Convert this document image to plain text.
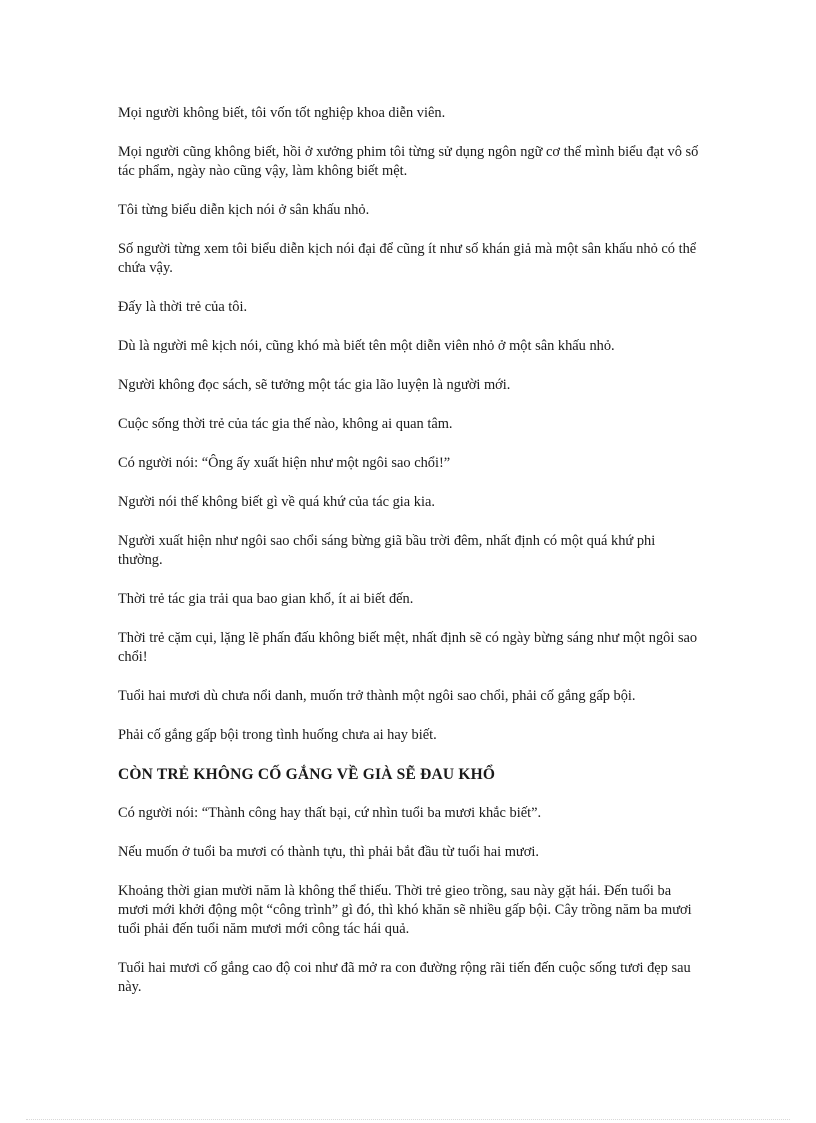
Mọi người không biết, tôi vốn tốt nghiệp khoa diễn viên.

Mọi người cũng không biết, hồi ở xưởng phim tôi từng sử dụng ngôn ngữ cơ thể mình biểu đạt vô số tác phẩm, ngày nào cũng vậy, làm không biết mệt.

Tôi từng biểu diễn kịch nói ở sân khấu nhỏ.

Số người từng xem tôi biểu diễn kịch nói đại để cũng ít như số khán giả mà một sân khấu nhỏ có thể chứa vậy.

Đấy là thời trẻ của tôi.

Dù là người mê kịch nói, cũng khó mà biết tên một diễn viên nhỏ ở một sân khấu nhỏ.

Người không đọc sách, sẽ tưởng một tác gia lão luyện là người mới.

Cuộc sống thời trẻ của tác gia thế nào, không ai quan tâm.

Có người nói: “Ông ấy xuất hiện như một ngôi sao chổi!”

Người nói thế không biết gì về quá khứ của tác gia kia.

Người xuất hiện như ngôi sao chổi sáng bừng giã bầu trời đêm, nhất định có một quá khứ phi thường.

Thời trẻ tác gia trải qua bao gian khổ, ít ai biết đến.

Thời trẻ cặm cụi, lặng lẽ phấn đấu không biết mệt, nhất định sẽ có ngày bừng sáng như một ngôi sao chổi!

Tuổi hai mươi dù chưa nổi danh, muốn trở thành một ngôi sao chổi, phải cố gắng gấp bội.

Phải cố gắng gấp bội trong tình huống chưa ai hay biết.

CÒN TRẺ KHÔNG CỐ GẮNG VỀ GIÀ SẼ ĐAU KHỔ

Có người nói: “Thành công hay thất bại, cứ nhìn tuổi ba mươi khắc biết”.

Nếu muốn ở tuổi ba mươi có thành tựu, thì phải bắt đầu từ tuổi hai mươi.

Khoảng thời gian mười năm là không thể thiếu. Thời trẻ gieo trồng, sau này gặt hái. Đến tuổi ba mươi mới khởi động một “công trình” gì đó, thì khó khăn sẽ nhiều gấp bội. Cây trồng năm ba mươi tuổi phải đến tuổi năm mươi mới công tác hái quả.

Tuổi hai mươi cố gắng cao độ coi như đã mở ra con đường rộng rãi tiến đến cuộc sống tươi đẹp sau này.
